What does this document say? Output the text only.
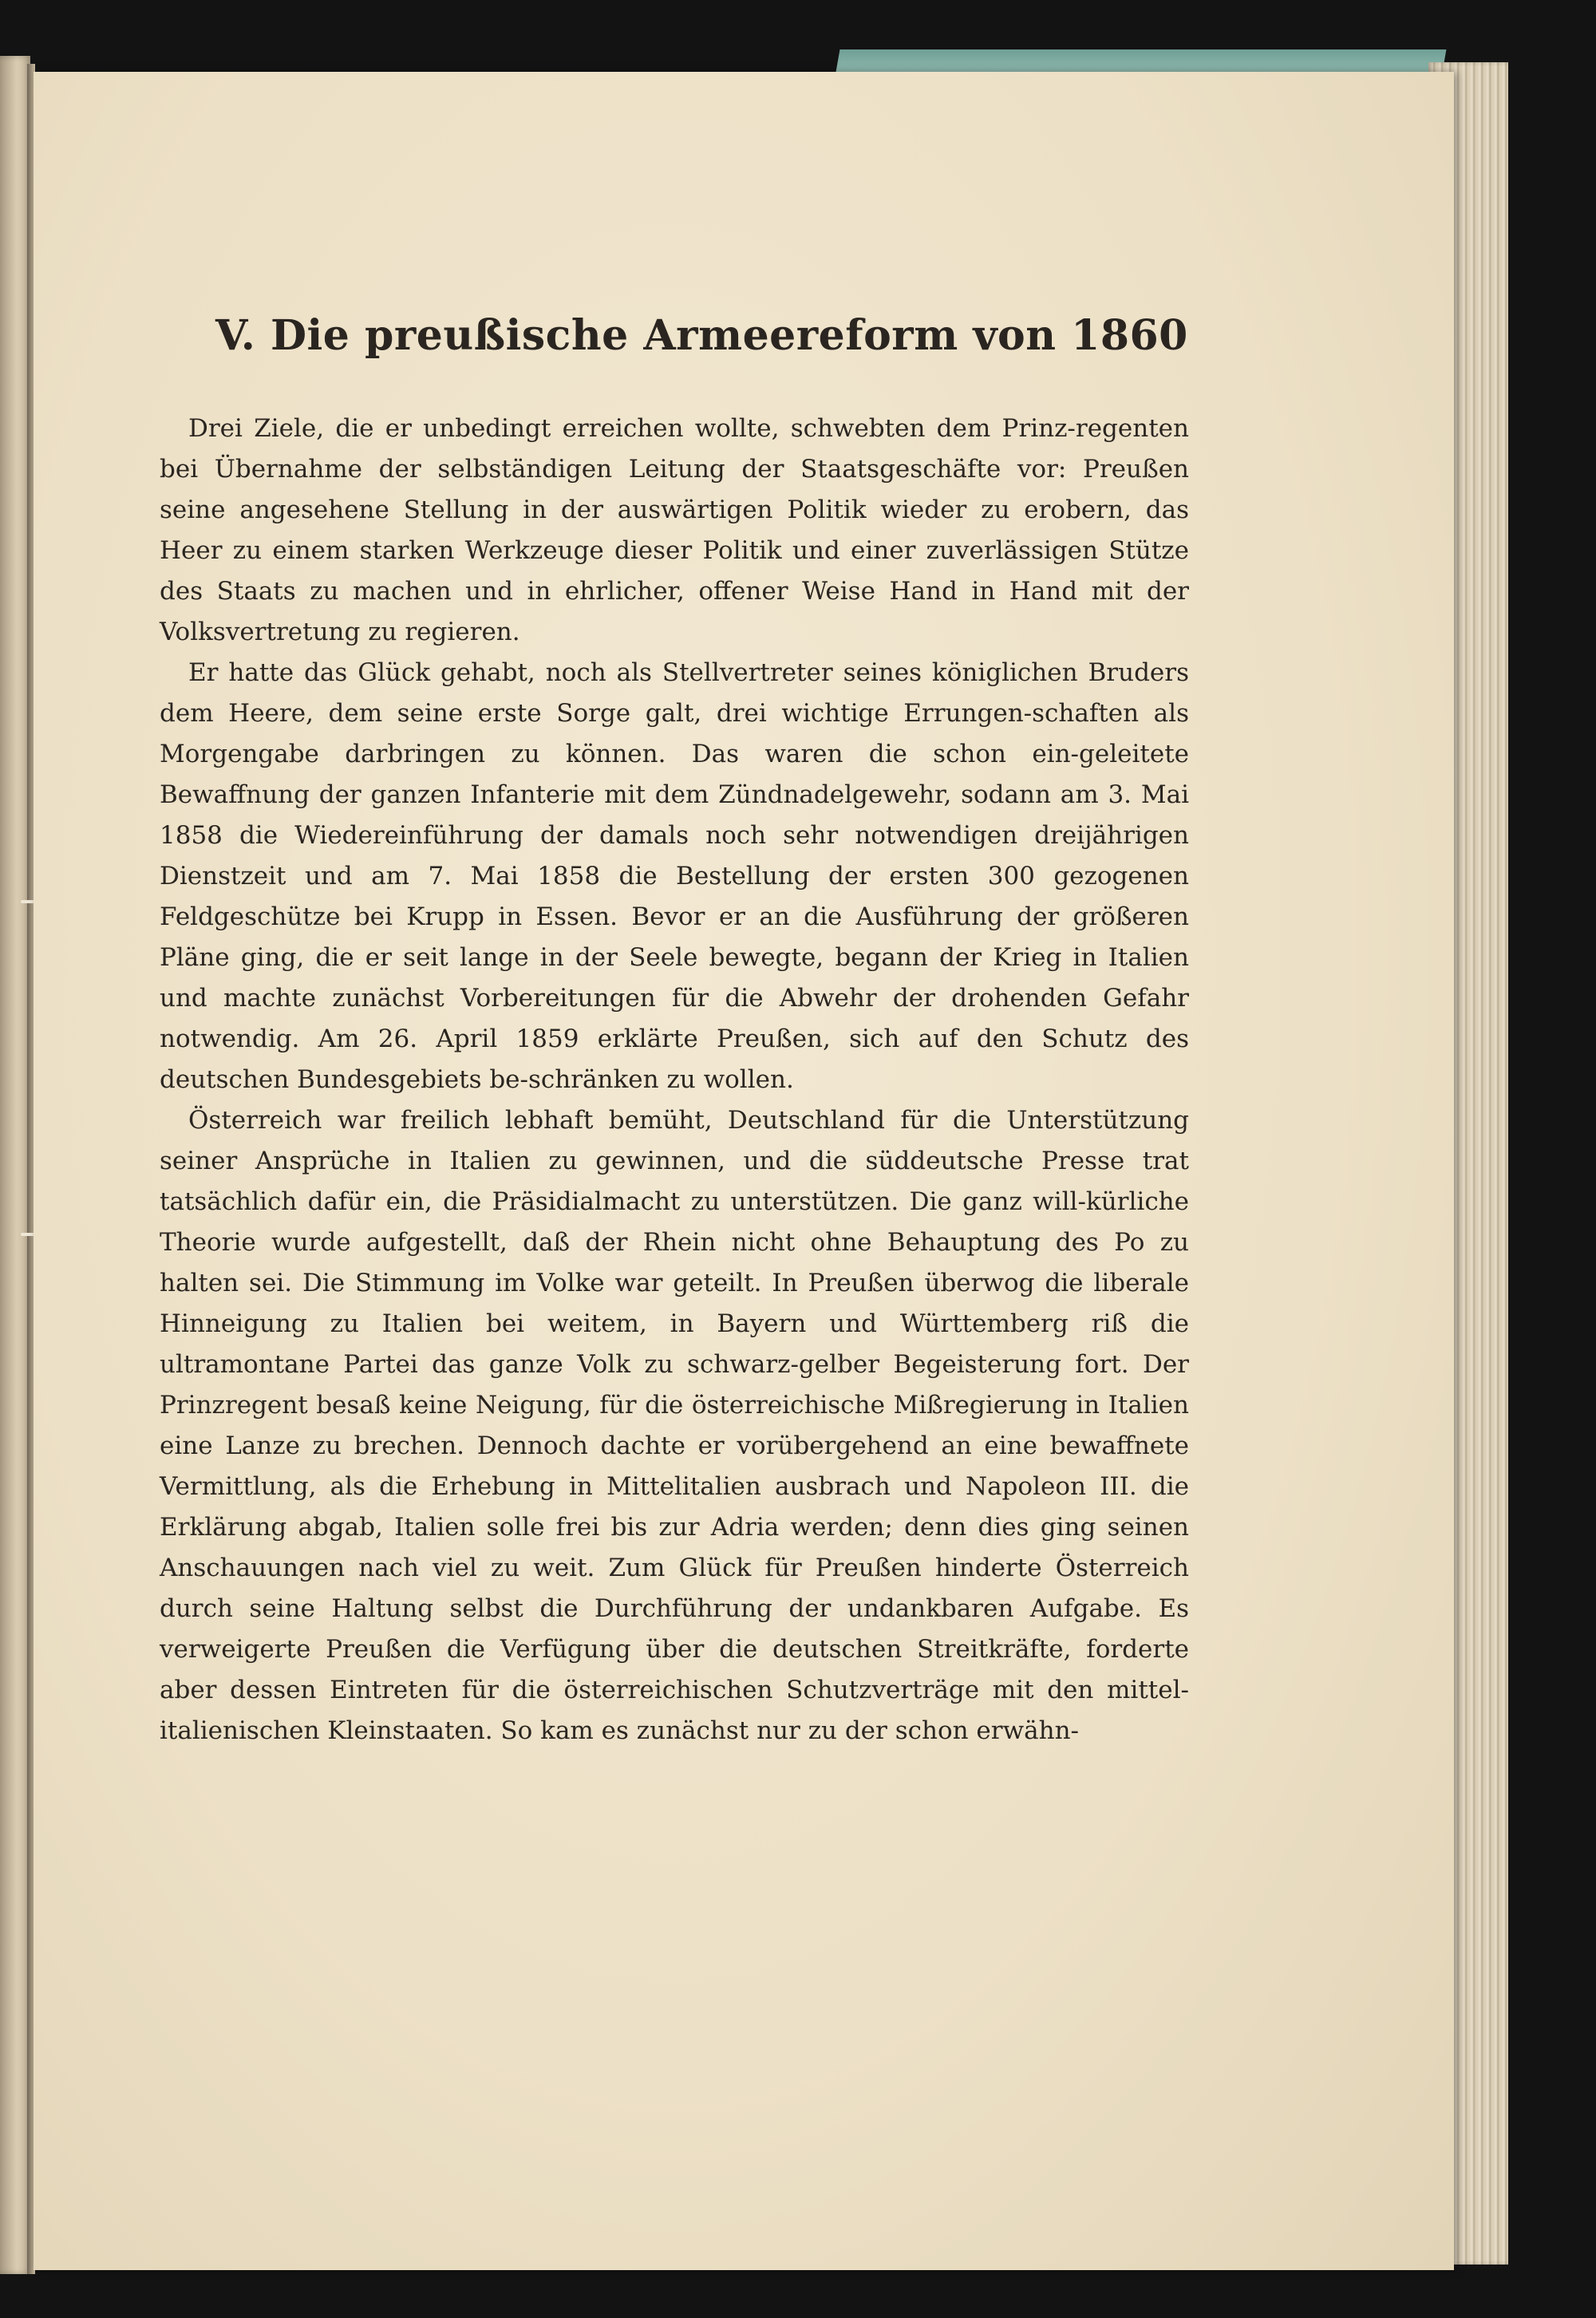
V. Die preußische Armeereform von 1860

Drei Ziele, die er unbedingt erreichen wollte, schwebten dem Prinz-regenten bei Übernahme der selbständigen Leitung der Staatsgeschäfte vor: Preußen seine angesehene Stellung in der auswärtigen Politik wieder zu erobern, das Heer zu einem starken Werkzeuge dieser Politik und einer zuverlässigen Stütze des Staats zu machen und in ehrlicher, offener Weise Hand in Hand mit der Volksvertretung zu regieren.

Er hatte das Glück gehabt, noch als Stellvertreter seines königlichen Bruders dem Heere, dem seine erste Sorge galt, drei wichtige Errungen-schaften als Morgengabe darbringen zu können. Das waren die schon ein-geleitete Bewaffnung der ganzen Infanterie mit dem Zündnadelgewehr, sodann am 3. Mai 1858 die Wiedereinführung der damals noch sehr notwendigen dreijährigen Dienstzeit und am 7. Mai 1858 die Bestellung der ersten 300 gezogenen Feldgeschütze bei Krupp in Essen. Bevor er an die Ausführung der größeren Pläne ging, die er seit lange in der Seele bewegte, begann der Krieg in Italien und machte zunächst Vorbereitungen für die Abwehr der drohenden Gefahr notwendig. Am 26. April 1859 erklärte Preußen, sich auf den Schutz des deutschen Bundesgebiets be-schränken zu wollen.

Österreich war freilich lebhaft bemüht, Deutschland für die Unterstützung seiner Ansprüche in Italien zu gewinnen, und die süddeutsche Presse trat tatsächlich dafür ein, die Präsidialmacht zu unterstützen. Die ganz will-kürliche Theorie wurde aufgestellt, daß der Rhein nicht ohne Behauptung des Po zu halten sei. Die Stimmung im Volke war geteilt. In Preußen überwog die liberale Hinneigung zu Italien bei weitem, in Bayern und Württemberg riß die ultramontane Partei das ganze Volk zu schwarz-gelber Begeisterung fort. Der Prinzregent besaß keine Neigung, für die österreichische Mißregierung in Italien eine Lanze zu brechen. Dennoch dachte er vorübergehend an eine bewaffnete Vermittlung, als die Erhebung in Mittelitalien ausbrach und Napoleon III. die Erklärung abgab, Italien solle frei bis zur Adria werden; denn dies ging seinen Anschauungen nach viel zu weit. Zum Glück für Preußen hinderte Österreich durch seine Haltung selbst die Durchführung der undankbaren Aufgabe. Es verweigerte Preußen die Verfügung über die deutschen Streitkräfte, forderte aber dessen Eintreten für die österreichischen Schutzverträge mit den mittel-italienischen Kleinstaaten. So kam es zunächst nur zu der schon erwähn-
